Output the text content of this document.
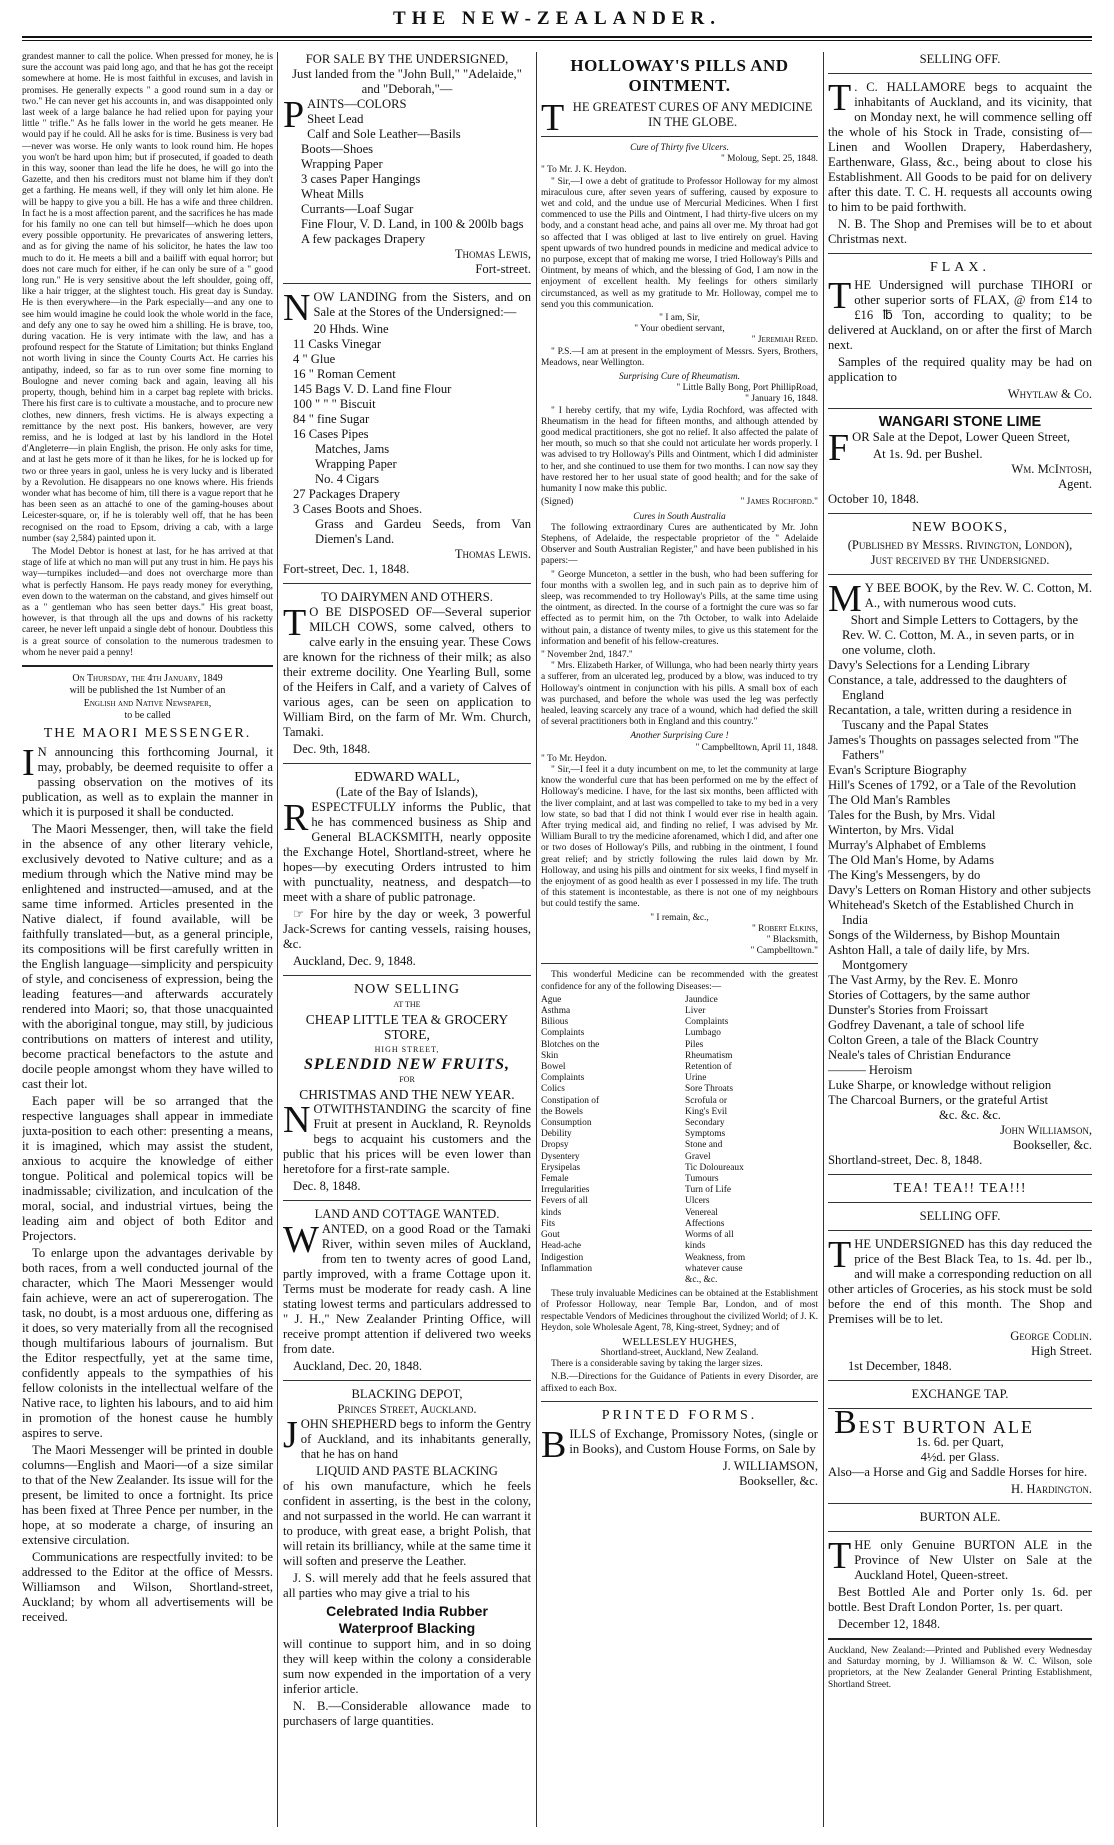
THE NEW-ZEALANDER.

grandest manner to call the police. When pressed for money, he is sure the account was paid long ago, and that he has got the receipt somewhere at home. He is most faithful in excuses, and lavish in promises. He generally expects " a good round sum in a day or two." He can never get his accounts in, and was disappointed only last week of a large balance he had relied upon for paying your little " trifle." As he falls lower in the world he gets meaner. He would pay if he could. All he asks for is time. Business is very bad—never was worse. He only wants to look round him. He hopes you won't be hard upon him; but if prosecuted, if goaded to death in this way, sooner than lead the life he does, he will go into the Gazette, and then his creditors must not blame him if they don't get a farthing. He means well, if they will only let him alone. He will be happy to give you a bill. He has a wife and three children. In fact he is a most affection parent, and the sacrifices he has made for his family no one can tell but himself—which he does upon every possible opportunity. He prevaricates of answering letters, and as for giving the name of his solicitor, he hates the law too much to do it. He meets a bill and a bailiff with equal horror; but does not care much for either, if he can only be sure of a " good long run." He is very sensitive about the left shoulder, going off, like a hair trigger, at the slightest touch. His great day is Sunday. He is then everywhere—in the Park especially—and any one to see him would imagine he could look the whole world in the face, and defy any one to say he owed him a shilling. He is brave, too, during vacation. He is very intimate with the law, and has a profound respect for the Statute of Limitation; but thinks England not worth living in since the County Courts Act. He carries his antipathy, indeed, so far as to run over some fine morning to Boulogne and never coming back and again, leaving all his property, though, behind him in a carpet bag replete with bricks. There his first care is to cultivate a moustache, and to procure new clothes, new dinners, fresh victims. He is always expecting a remittance by the next post. His bankers, however, are very remiss, and he is lodged at last by his landlord in the Hotel d'Angleterre—in plain English, the prison. He only asks for time, and at last he gets more of it than he likes, for he is locked up for two or three years in gaol, unless he is very lucky and is liberated by a Revolution. He disappears no one knows where. His friends wonder what has become of him, till there is a vague report that he has been seen as an attaché to one of the gaming-houses about Leicester-square, or, if he is tolerably well off, that he has been recognised on the road to Epsom, driving a cab, with a large number (say 2,584) painted upon it.

The Model Debtor is honest at last, for he has arrived at that stage of life at which no man will put any trust in him. He pays his way—turnpikes included—and does not overcharge more than what is perfectly Hansom. He pays ready money for everything, even down to the waterman on the cabstand, and gives himself out as a " gentleman who has seen better days." His great boast, however, is that through all the ups and downs of his racketty career, he never left unpaid a single debt of honour. Doubtless this is a great source of consolation to the numerous tradesmen to whom he never paid a penny!

On Thursday, the 4th January, 1849
will be published the 1st Number of an
English and Native Newspaper,
to be called
THE MAORI MESSENGER.

I N announcing this forthcoming Journal, it may, probably, be deemed requisite to offer a passing observation on the motives of its publication, as well as to explain the manner in which it is purposed it shall be conducted.

The Maori Messenger, then, will take the field in the absence of any other literary vehicle, exclusively devoted to Native culture; and as a medium through which the Native mind may be enlightened and instructed—amused, and at the same time informed. Articles presented in the Native dialect, if found available, will be faithfully translated—but, as a general principle, its compositions will be first carefully written in the English language—simplicity and perspicuity of style, and conciseness of expression, being the leading features—and afterwards accurately rendered into Maori; so, that those unacquainted with the aboriginal tongue, may still, by judicious contributions on matters of interest and utility, become practical benefactors to the astute and docile people amongst whom they have willed to cast their lot.

Each paper will be so arranged that the respective languages shall appear in immediate juxta-position to each other: presenting a means, it is imagined, which may assist the student, anxious to acquire the knowledge of either tongue. Political and polemical topics will be inadmissable; civilization, and inculcation of the moral, social, and industrial virtues, being the leading aim and object of both Editor and Projectors.

To enlarge upon the advantages derivable by both races, from a well conducted journal of the character, which The Maori Messenger would fain achieve, were an act of supererogation. The task, no doubt, is a most arduous one, differing as it does, so very materially from all the recognised though multifarious labours of journalism. But the Editor respectfully, yet at the same time, confidently appeals to the sympathies of his fellow colonists in the intellectual welfare of the Native race, to lighten his labours, and to aid him in promotion of the honest cause he humbly aspires to serve.

The Maori Messenger will be printed in double columns—English and Maori—of a size similar to that of the New Zealander. Its issue will for the present, be limited to once a fortnight. Its price has been fixed at Three Pence per number, in the hope, at so moderate a charge, of insuring an extensive circulation.

Communications are respectfully invited: to be addressed to the Editor at the office of Messrs. Williamson and Wilson, Shortland-street, Auckland; by whom all advertisements will be received.

FOR SALE BY THE UNDERSIGNED,
Just landed from the "John Bull," "Adelaide,"
and "Deborah,"—
P AINTS—COLORS
Sheet Lead
Calf and Sole Leather—Basils
Boots—Shoes
Wrapping Paper
3 cases Paper Hangings
Wheat Mills
Currants—Loaf Sugar
Fine Flour, V. D. Land, in 100 & 200lb bags
A few packages Drapery
Thomas Lewis,
Fort-street.

NOW LANDING from the Sisters, and on Sale at the Stores of the Undersigned:—

20 Hhds. Wine
11 Casks Vinegar
4 " Glue
16 " Roman Cement
145 Bags V. D. Land fine Flour
100 " " " Biscuit
84 " fine Sugar
16 Cases Pipes
Matches, Jams
Wrapping Paper
No. 4 Cigars
27 Packages Drapery
3 Cases Boots and Shoes.
Grass and Gardeu Seeds, from Van Diemen's Land.
Thomas Lewis.
Fort-street, Dec. 1, 1848.
TO DAIRYMEN AND OTHERS.

T O BE DISPOSED OF—Several superior MILCH COWS, some calved, others to calve early in the ensuing year. These Cows are known for the richness of their milk; as also their extreme docility. One Yearling Bull, some of the Heifers in Calf, and a variety of Calves of various ages, can be seen on application to William Bird, on the farm of Mr. Wm. Church, Tamaki.

Dec. 9th, 1848.
EDWARD WALL,
(Late of the Bay of Islands),

RESPECTFULLY informs the Public, that he has commenced business as Ship and General BLACKSMITH, nearly opposite the Exchange Hotel, Shortland-street, where he hopes—by executing Orders intrusted to him with punctuality, neatness, and despatch—to meet with a share of public patronage.

☞ For hire by the day or week, 3 powerful Jack-Screws for canting vessels, raising houses, &c.

Auckland, Dec. 9, 1848.
NOW SELLING
AT THE
CHEAP LITTLE TEA & GROCERY STORE,
HIGH STREET,
SPLENDID NEW FRUITS,
FOR
CHRISTMAS AND THE NEW YEAR.

NOTWITHSTANDING the scarcity of fine Fruit at present in Auckland, R. Reynolds begs to acquaint his customers and the public that his prices will be even lower than heretofore for a first-rate sample.

Dec. 8, 1848.
LAND AND COTTAGE WANTED.

WANTED, on a good Road or the Tamaki River, within seven miles of Auckland, from ten to twenty acres of good Land, partly improved, with a frame Cottage upon it. Terms must be moderate for ready cash. A line stating lowest terms and particulars addressed to " J. H.," New Zealander Printing Office, will receive prompt attention if delivered two weeks from date.

Auckland, Dec. 20, 1848.
BLACKING DEPOT,
Princes Street, Auckland.

JOHN SHEPHERD begs to inform the Gentry of Auckland, and its inhabitants generally, that he has on hand

LIQUID AND PASTE BLACKING

of his own manufacture, which he feels confident in asserting, is the best in the colony, and not surpassed in the world. He can warrant it to produce, with great ease, a bright Polish, that will retain its brilliancy, while at the same time it will soften and preserve the Leather.

J. S. will merely add that he feels assured that all parties who may give a trial to his

Celebrated India Rubber
Waterproof Blacking

will continue to support him, and in so doing they will keep within the colony a considerable sum now expended in the importation of a very inferior article.

N. B.—Considerable allowance made to purchasers of large quantities.

HOLLOWAY'S PILLS AND OINTMENT.

THE GREATEST CURES OF ANY MEDICINE IN THE GLOBE.

Cure of Thirty five Ulcers.
" Moloug, Sept. 25, 1848.
" To Mr. J. K. Heydon.

" Sir,—I owe a debt of gratitude to Professor Holloway for my almost miraculous cure, after seven years of suffering, caused by exposure to wet and cold, and the undue use of Mercurial Medicines. When I first commenced to use the Pills and Ointment, I had thirty-five ulcers on my body, and a constant head ache, and pains all over me. My throat had got so affected that I was obliged at last to live entirely on gruel. Having spent upwards of two hundred pounds in medicine and medical advice to no purpose, except that of making me worse, I tried Holloway's Pills and Ointment, by means of which, and the blessing of God, I am now in the enjoyment of excellent health. My feelings for others similarly circumstanced, as well as my gratitude to Mr. Holloway, compel me to send you this communication.

" I am, Sir,
" Your obedient servant,
" Jeremiah Reed.

" P.S.—I am at present in the employment of Messrs. Syers, Brothers, Meadows, near Wellington.

Surprising Cure of Rheumatism.
" Little Bally Bong, Port PhillipRoad,
" January 16, 1848.

" I hereby certify, that my wife, Lydia Rochford, was affected with Rheumatism in the head for fifteen months, and although attended by good medical practitioners, she got no relief. It also affected the palate of her mouth, so much so that she could not articulate her words properly. I was advised to try Holloway's Pills and Ointment, which I did administer to her, and she continued to use them for two months. I can now say they have restored her to her usual state of good health; and for the sake of humanity I now make this public.

(Signed)	" James Rochford."
Cures in South Australia

The following extraordinary Cures are authenticated by Mr. John Stephens, of Adelaide, the respectable proprietor of the " Adelaide Observer and South Australian Register," and have been published in his papers:—

" George Munceton, a settler in the bush, who had been suffering for four months with a swollen leg, and in such pain as to deprive him of sleep, was recommended to try Holloway's Pills, at the same time using the ointment, as directed. In the course of a fortnight the cure was so far effected as to permit him, on the 7th October, to walk into Adelaide without pain, a distance of twenty miles, to give us this statement for the information and benefit of his fellow-creatures.

" November 2nd, 1847."

" Mrs. Elizabeth Harker, of Willunga, who had been nearly thirty years a sufferer, from an ulcerated leg, produced by a blow, was induced to try Holloway's ointment in conjunction with his pills. A small box of each was purchased, and before the whole was used the leg was perfectly healed, leaving scarcely any trace of a wound, which had defied the skill of several practitioners both in England and this country."

Another Surprising Cure !
" Campbelltown, April 11, 1848.
" To Mr. Heydon.

" Sir,—I feel it a duty incumbent on me, to let the community at large know the wonderful cure that has been performed on me by the effect of Holloway's medicine. I have, for the last six months, been afflicted with the liver complaint, and at last was compelled to take to my bed in a very low state, so bad that I did not think I would ever rise in health again. After trying medical aid, and finding no relief, I was advised by Mr. William Burall to try the medicine aforenamed, which I did, and after one or two doses of Holloway's Pills, and rubbing in the ointment, I found great relief; and by strictly following the rules laid down by Mr. Holloway, and using his pills and ointment for six weeks, I find myself in the enjoyment of as good health as ever I possessed in my life. The truth of this statement is incontestable, as there is not one of my neighbours but could testify the same.

" I remain, &c.,
" Robert Elkins,
" Blacksmith,
" Campbelltown."

This wonderful Medicine can be recommended with the greatest confidence for any of the following Diseases:—

Ague
Asthma
Bilious Complaints
Blotches on the Skin
Bowel Complaints
Colics
Constipation of the Bowels
Consumption
Debility
Dropsy
Dysentery
Erysipelas
Female Irregularities
Fevers of all kinds
Fits
Gout
Head-ache
Indigestion
Inflammation
Jaundice
Liver Complaints
Lumbago
Piles
Rheumatism
Retention of Urine
Sore Throats
Scrofula or King's Evil
Secondary Symptoms
Stone and Gravel
Tic Doloureaux
Tumours
Turn of Life
Ulcers
Venereal Affections
Worms of all kinds
Weakness, from whatever cause
&c., &c.

These truly invaluable Medicines can be obtained at the Establishment of Professor Holloway, near Temple Bar, London, and of most respectable Vendors of Medicines throughout the civilized World; of J. K. Heydon, sole Wholesale Agent, 78, King-street, Sydney; and of

WELLESLEY HUGHES,
Shortland-street, Auckland, New Zealand.

There is a considerable saving by taking the larger sizes.

N.B.—Directions for the Guidance of Patients in every Disorder, are affixed to each Box.

PRINTED FORMS.

BILLS of Exchange, Promissory Notes, (single or in Books), and Custom House Forms, on Sale by

J. WILLIAMSON,
Bookseller, &c.
SELLING OFF.

T . C. HALLAMORE begs to acquaint the inhabitants of Auckland, and its vicinity, that on Monday next, he will commence selling off the whole of his Stock in Trade, consisting of—Linen and Woollen Drapery, Haberdashery, Earthenware, Glass, &c., being about to close his Establishment. All Goods to be paid for on delivery after this date. T. C. H. requests all accounts owing to him to be paid forthwith.

N. B. The Shop and Premises will be to et about Christmas next.

FLAX.

THE Undersigned will purchase TIHORI or other superior sorts of FLAX, @ from £14 to £16 ℔ Ton, according to quality; to be delivered at Auckland, on or after the first of March next.

Samples of the required quality may be had on application to

Whytlaw & Co.
WANGARI STONE LIME

FOR Sale at the Depot, Lower Queen Street,

At 1s. 9d. per Bushel.
Wm. McIntosh,
Agent.
October 10, 1848.
NEW BOOKS,
(Published by Messrs. Rivington, London),
Just received by the Undersigned.

M Y BEE BOOK, by the Rev. W. C. Cotton, M. A., with numerous wood cuts.

Short and Simple Letters to Cottagers, by the Rev. W. C. Cotton, M. A., in seven parts, or in one volume, cloth.
Davy's Selections for a Lending Library
Constance, a tale, addressed to the daughters of England
Recantation, a tale, written during a residence in Tuscany and the Papal States
James's Thoughts on passages selected from "The Fathers"
Evan's Scripture Biography
Hill's Scenes of 1792, or a Tale of the Revolution
The Old Man's Rambles
Tales for the Bush, by Mrs. Vidal
Winterton, by Mrs. Vidal
Murray's Alphabet of Emblems
The Old Man's Home, by Adams
The King's Messengers, by do
Davy's Letters on Roman History and other subjects
Whitehead's Sketch of the Established Church in India
Songs of the Wilderness, by Bishop Mountain
Ashton Hall, a tale of daily life, by Mrs. Montgomery
The Vast Army, by the Rev. E. Monro
Stories of Cottagers, by the same author
Dunster's Stories from Froissart
Godfrey Davenant, a tale of school life
Colton Green, a tale of the Black Country
Neale's tales of Christian Endurance
——— Heroism
Luke Sharpe, or knowledge without religion
The Charcoal Burners, or the grateful Artist
&c. &c. &c.
John Williamson,
Bookseller, &c.
Shortland-street, Dec. 8, 1848.
TEA! TEA!! TEA!!!
SELLING OFF.

THE UNDERSIGNED has this day reduced the price of the Best Black Tea, to 1s. 4d. per lb., and will make a corresponding reduction on all other articles of Groceries, as his stock must be sold before the end of this month. The Shop and Premises will be to let.

George Codlin.
High Street.
1st December, 1848.
EXCHANGE TAP.
BEST BURTON ALE
1s. 6d. per Quart,
4½d. per Glass.

Also—a Horse and Gig and Saddle Horses for hire.

H. Hardington.
BURTON ALE.

THE only Genuine BURTON ALE in the Province of New Ulster on Sale at the Auckland Hotel, Queen-street.

Best Bottled Ale and Porter only 1s. 6d. per bottle. Best Draft London Porter, 1s. per quart.

December 12, 1848.

Auckland, New Zealand:—Printed and Published every Wednesday and Saturday morning, by J. Williamson & W. C. Wilson, sole proprietors, at the New Zealander General Printing Establishment, Shortland Street.
